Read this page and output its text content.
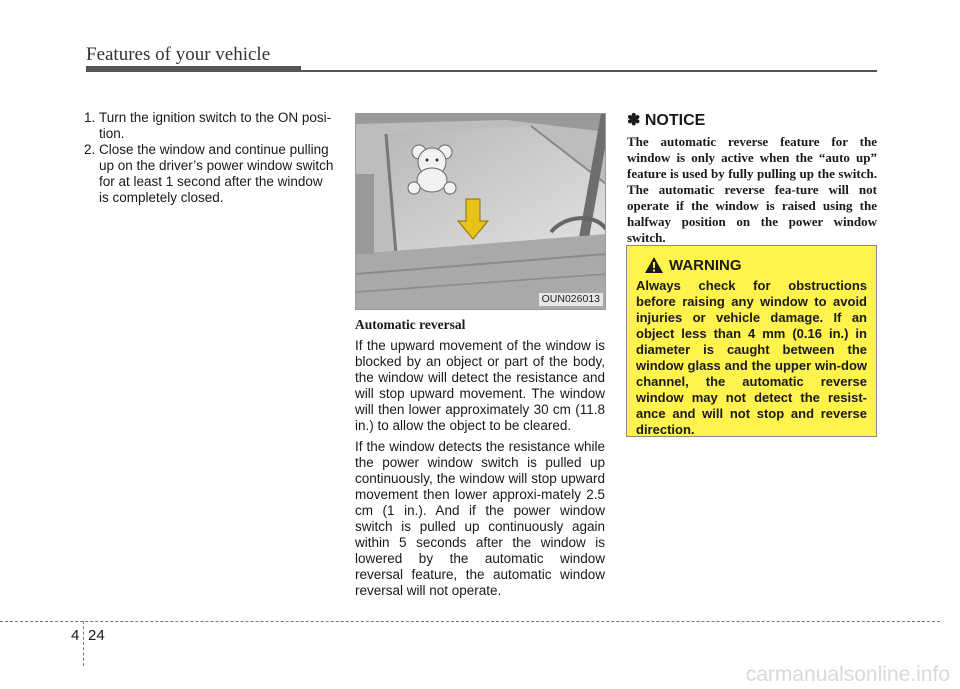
Features of your vehicle
1. Turn the ignition switch to the ON posi-tion.
2. Close the window and continue pulling up on the driver’s power window switch for at least 1 second after the window is completely closed.
OUN026013
Automatic reversal

If the upward movement of the window is blocked by an object or part of the body, the window will detect the resistance and will stop upward movement. The window will then lower approximately 30 cm (11.8 in.) to allow the object to be cleared.

If the window detects the resistance while the power window switch is pulled up continuously, the window will stop upward movement then lower approxi-mately 2.5 cm (1 in.). And if the power window switch is pulled up continuously again within 5 seconds after the window is lowered by the automatic window reversal feature, the automatic window reversal will not operate.

✽ NOTICE
The automatic reverse feature for the window is only active when the “auto up” feature is used by fully pulling up the switch. The automatic reverse fea-ture will not operate if the window is raised using the halfway position on the power window switch.
WARNING
Always check for obstructions before raising any window to avoid injuries or vehicle damage. If an object less than 4 mm (0.16 in.) in diameter is caught between the window glass and the upper win-dow channel, the automatic reverse window may not detect the resist-ance and will not stop and reverse direction.
4 24
carmanualsonline.info
